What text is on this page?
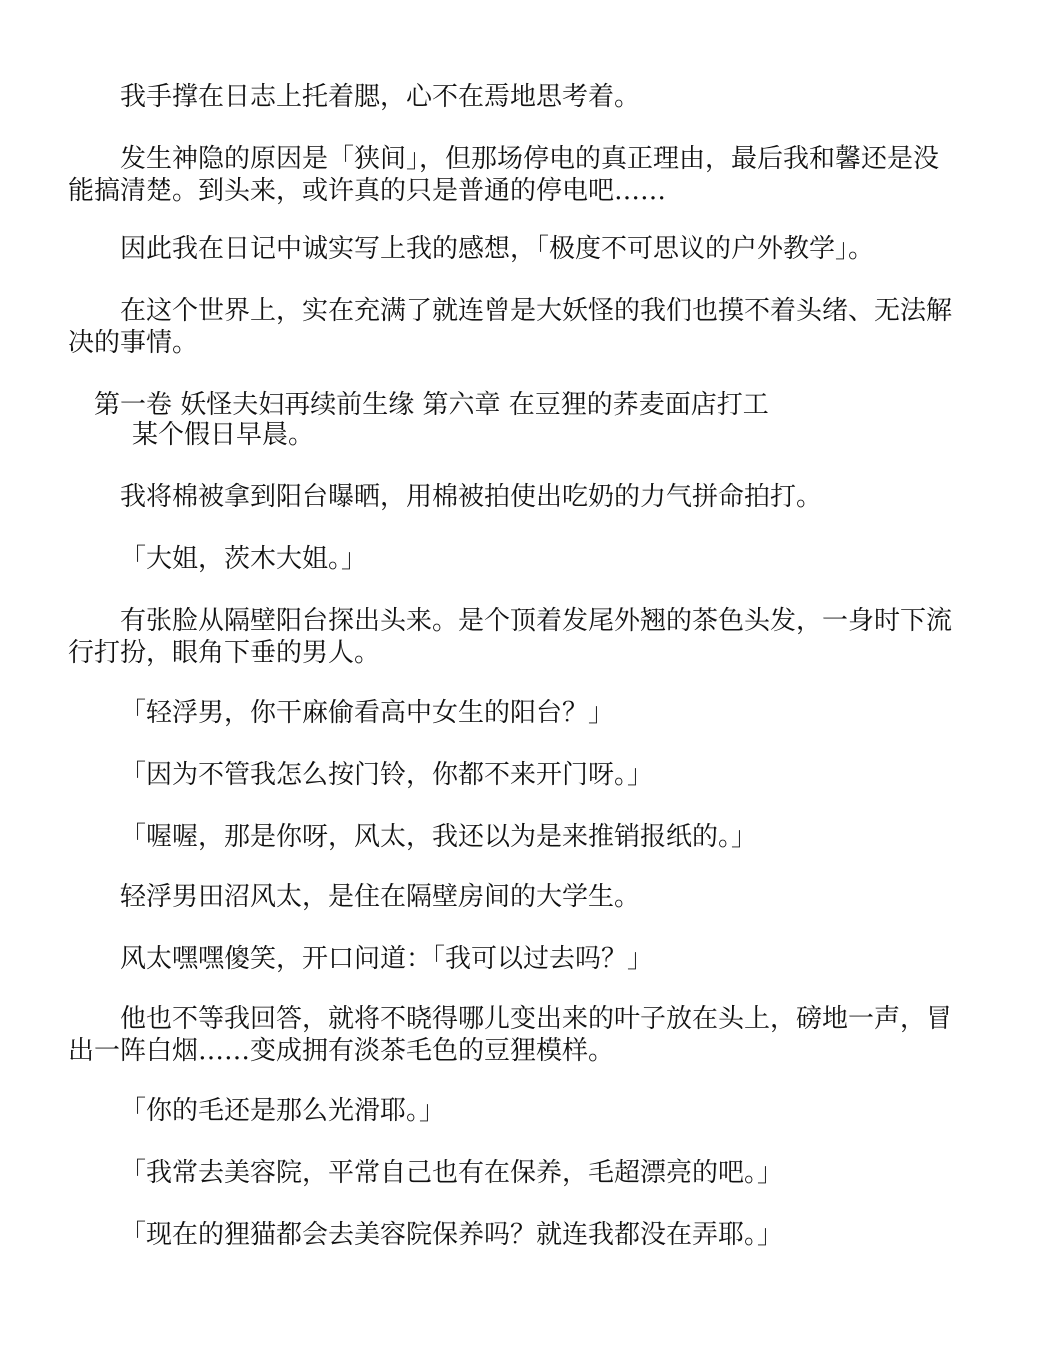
我手撑在日志上托着腮，心不在焉地思考着。
发生神隐的原因是「狭间」，但那场停电的真正理由，最后我和馨还是没
能搞清楚。到头来，或许真的只是普通的停电吧……
因此我在日记中诚实写上我的感想，「极度不可思议的户外教学」。
在这个世界上，实在充满了就连曾是大妖怪的我们也摸不着头绪、无法解
决的事情。
第一卷 妖怪夫妇再续前生缘 第六章 在豆狸的荞麦面店打工
某个假日早晨。
我将棉被拿到阳台曝晒，用棉被拍使出吃奶的力气拼命拍打。
「大姐，茨木大姐。」
有张脸从隔壁阳台探出头来。是个顶着发尾外翘的茶色头发，一身时下流
行打扮，眼角下垂的男人。
「轻浮男，你干麻偷看高中女生的阳台？」
「因为不管我怎么按门铃，你都不来开门呀。」
「喔喔，那是你呀，风太，我还以为是来推销报纸的。」
轻浮男田沼风太，是住在隔壁房间的大学生。
风太嘿嘿傻笑，开口问道：「我可以过去吗？」
他也不等我回答，就将不晓得哪儿变出来的叶子放在头上，磅地一声，冒
出一阵白烟……变成拥有淡茶毛色的豆狸模样。
「你的毛还是那么光滑耶。」
「我常去美容院，平常自己也有在保养，毛超漂亮的吧。」
「现在的狸猫都会去美容院保养吗？就连我都没在弄耶。」
